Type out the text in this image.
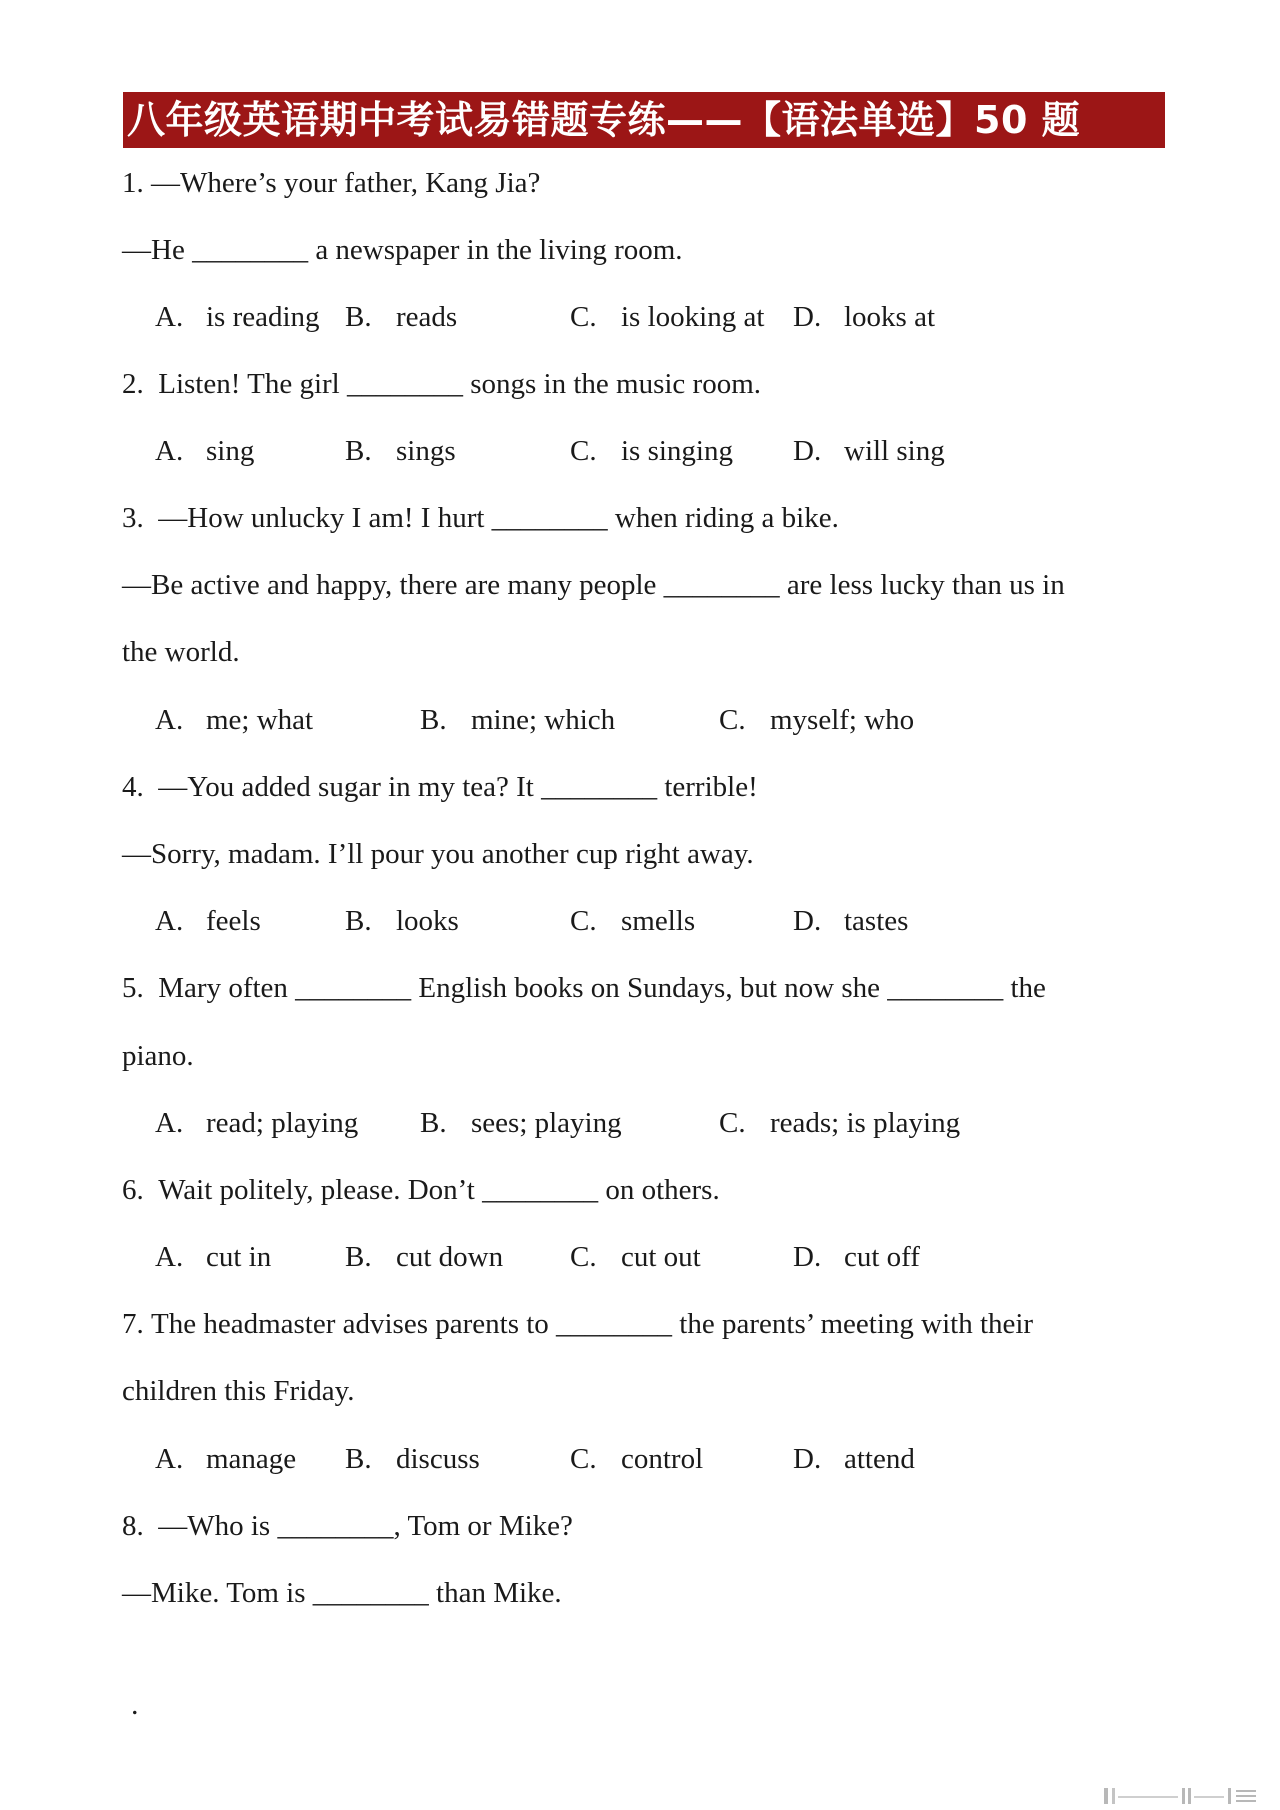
八年级英语期中考试易错题专练——【语法单选】50 题
1. —Where’s your father, Kang Jia?
—He ________ a newspaper in the living room.
A. is reading B. reads	C. is looking at D. looks at
2. Listen! The girl ________ songs in the music room.
A. sing	B. sings	C. is singing D. will sing
3. —How unlucky I am! I hurt ________ when riding a bike.
—Be active and happy, there are many people ________ are less lucky than us in
the world.
A. me; what	B. mine; which	C. myself; who
4. —You added sugar in my tea? It ________ terrible!
—Sorry, madam. I’ll pour you another cup right away.
A. feels	B. looks	C. smells	D. tastes
5. Mary often ________ English books on Sundays, but now she ________ the
piano.
A. read; playing B. sees; playing	C. reads; is playing
6. Wait politely, please. Don’t ________ on others.
A. cut in	B. cut down C. cut out	D. cut off
7. The headmaster advises parents to ________ the parents’ meeting with their
children this Friday.
A. manage B. discuss	C. control	D. attend
8. —Who is ________, Tom or Mike?
—Mike. Tom is ________ than Mike.
.
